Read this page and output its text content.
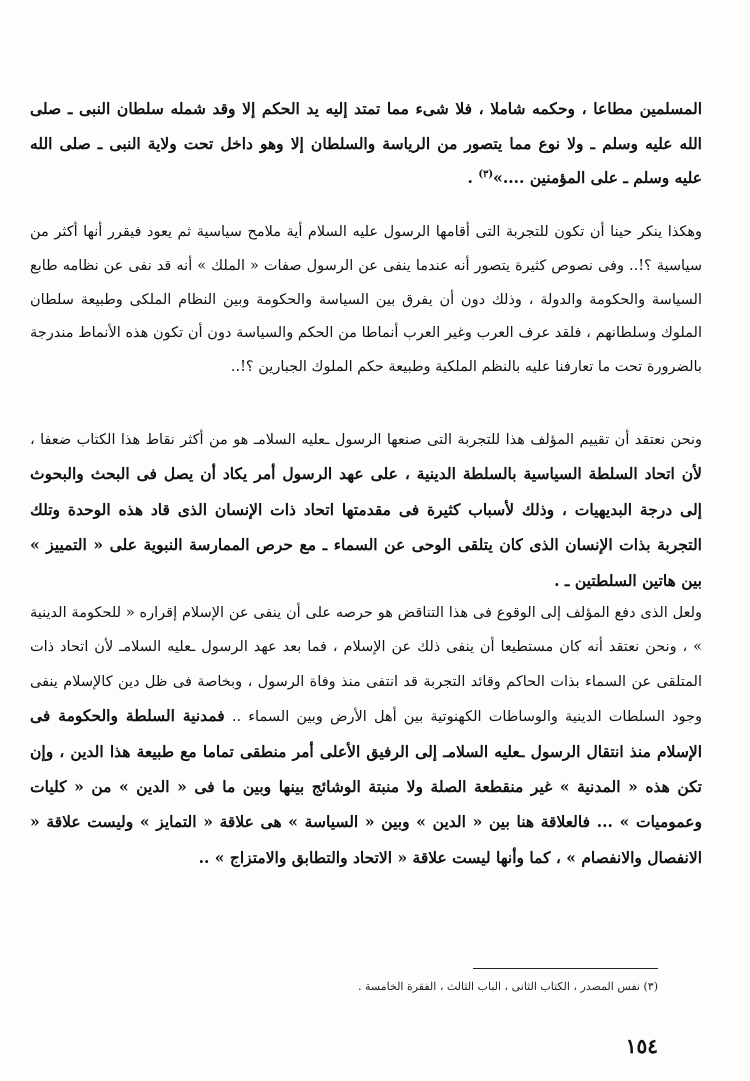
المسلمين مطاعا ، وحكمه شاملا ، فلا شىء مما تمتد إليه يد الحكم إلا وقد شمله سلطان النبى ـ صلى الله عليه وسلم ـ ولا نوع مما يتصور من الرياسة والسلطان إلا وهو داخل تحت ولاية النبى ـ صلى الله عليه وسلم ـ على المؤمنين ....»$^{(٣)}$ .

وهكذا ينكر حينا أن تكون للتجربة التى أقامها الرسول عليه السلام أية ملامح سياسية ثم يعود فيقرر أنها أكثر من سياسية ؟!.. وفى نصوص كثيرة يتصور أنه عندما ينفى عن الرسول صفات « الملك » أنه قد نفى عن نظامه طابع السياسة والحكومة والدولة ، وذلك دون أن يفرق بين السياسة والحكومة وبين النظام الملكى وطبيعة سلطان الملوك وسلطانهم ، فلقد عرف العرب وغير العرب أنماطا من الحكم والسياسة دون أن تكون هذه الأنماط مندرجة بالضرورة تحت ما تعارفنا عليه بالنظم الملكية وطبيعة حكم الملوك الجبارين ؟!..

ونحن نعتقد أن تقييم المؤلف هذا للتجربة التى صنعها الرسول ـعليه السلامـ هو من أكثر نقاط هذا الكتاب ضعفا ، لأن اتحاد السلطة السياسية بالسلطة الدينية ، على عهد الرسول أمر يكاد أن يصل فى البحث والبحوث إلى درجة البديهيات ، وذلك لأسباب كثيرة فى مقدمتها اتحاد ذات الإنسان الذى قاد هذه الوحدة وتلك التجربة بذات الإنسان الذى كان يتلقى الوحى عن السماء ـ مع حرص الممارسة النبوية على « التمييز » بين هاتين السلطتين ـ .

ولعل الذى دفع المؤلف إلى الوقوع فى هذا التناقض هو حرصه على أن ينفى عن الإسلام إقراره « للحكومة الدينية » ، ونحن نعتقد أنه كان مستطيعا أن ينفى ذلك عن الإسلام ، فما بعد عهد الرسول ـعليه السلامـ لأن اتحاد ذات المتلقى عن السماء بذات الحاكم وقائد التجربة قد انتفى منذ وفاة الرسول ، وبخاصة فى ظل دين كالإسلام ينفى وجود السلطات الدينية والوساطات الكهنوتية بين أهل الأرض وبين السماء .. فمدنية السلطة والحكومة فى الإسلام منذ انتقال الرسول ـعليه السلامـ إلى الرفيق الأعلى أمر منطقى تماما مع طبيعة هذا الدين ، وإن تكن هذه « المدنية » غير منقطعة الصلة ولا منبتة الوشائج بينها وبين ما فى « الدين » من « كليات وعموميات » ... فالعلاقة هنا بين « الدين » وبين « السياسة » هى علاقة « التمايز » وليست علاقة « الانفصال والانفصام » ، كما وأنها ليست علاقة « الاتحاد والتطابق والامتزاج » ..

(٣) نفس المصدر ، الكتاب الثانى ، الباب الثالث ، الفقرة الخامسة .
١٥٤
